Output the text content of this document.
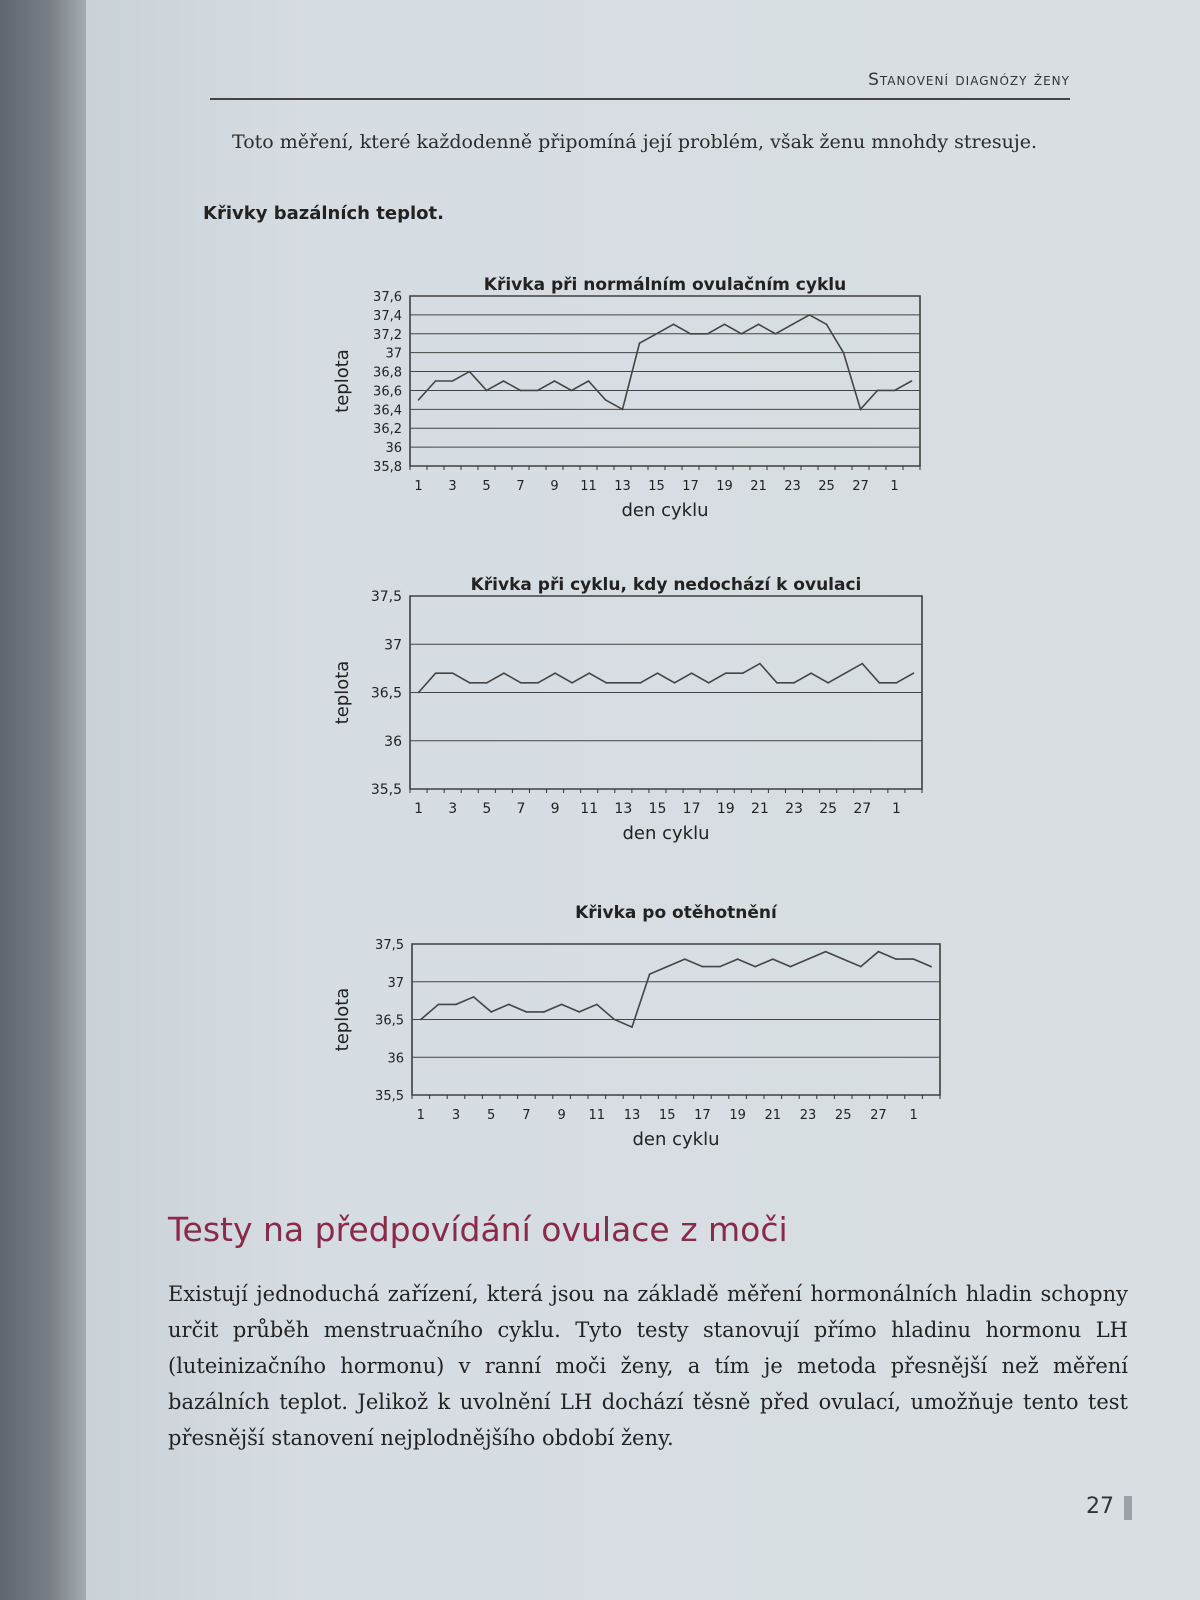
Stanovení diagnózy ženy
Toto měření, které každodenně připomíná její problém, však ženu mnohdy stresuje.
Křivky bazálních teplot.
Křivka při normálním ovulačním cyklu
35,8
36
36,2
36,4
36,6
36,8
37
37,2
37,4
37,6
1 3 5 7 9 11 13 15 17 19 21 23 25 27 1
den cyklu
teplota
Křivka při cyklu, kdy nedochází k ovulaci
35,5
36
36,5
37
37,5
1 3 5 7 9 11 13 15 17 19 21 23 25 27 1
den cyklu
teplota
Křivka po otěhotnění
35,5
36
36,5
37
37,5
1 3 5 7 9 11 13 15 17 19 21 23 25 27 1
den cyklu
teplota
Testy na předpovídání ovulace z moči
Existují jednoduchá zařízení, která jsou na základě měření hormonálních hladin schopny určit průběh menstruačního cyklu. Tyto testy stanovují přímo hladinu hormonu LH (luteinizačního hormonu) v ranní moči ženy, a tím je metoda přesnější než měření bazálních teplot. Jelikož k uvolnění LH dochází těsně před ovulací, umožňuje tento test přesnější stanovení nejplodnějšího období ženy.
27
